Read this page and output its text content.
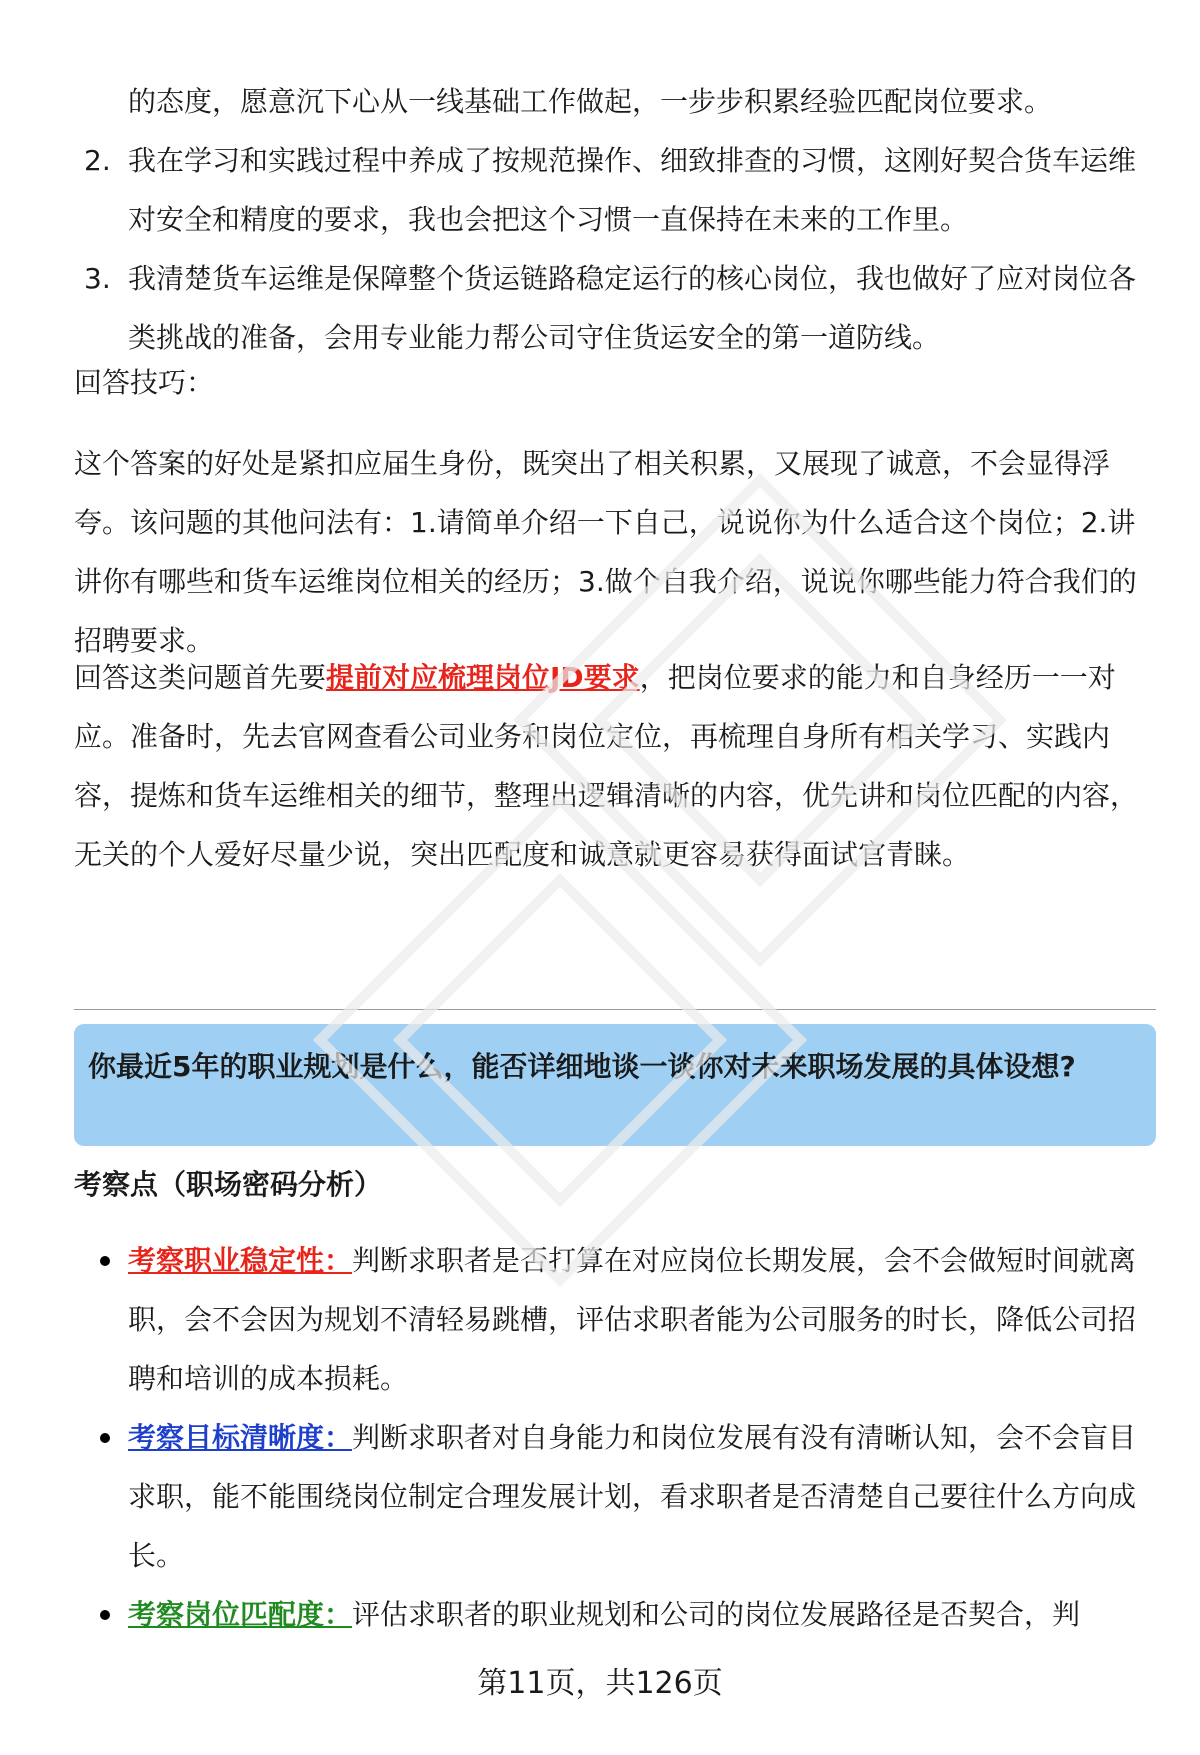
的态度，愿意沉下心从一线基础工作做起，一步步积累经验匹配岗位要求。

2. 我在学习和实践过程中养成了按规范操作、细致排查的习惯，这刚好契合货车运维对安全和精度的要求，我也会把这个习惯一直保持在未来的工作里。
3. 我清楚货车运维是保障整个货运链路稳定运行的核心岗位，我也做好了应对岗位各类挑战的准备，会用专业能力帮公司守住货运安全的第一道防线。
回答技巧：

这个答案的好处是紧扣应届生身份，既突出了相关积累，又展现了诚意，不会显得浮夸。该问题的其他问法有：1.请简单介绍一下自己，说说你为什么适合这个岗位；2.讲讲你有哪些和货车运维岗位相关的经历；3.做个自我介绍，说说你哪些能力符合我们的招聘要求。

回答这类问题首先要提前对应梳理岗位JD要求，把岗位要求的能力和自身经历一一对应。准备时，先去官网查看公司业务和岗位定位，再梳理自身所有相关学习、实践内容，提炼和货车运维相关的细节，整理出逻辑清晰的内容，优先讲和岗位匹配的内容，无关的个人爱好尽量少说，突出匹配度和诚意就更容易获得面试官青睐。

你最近5年的职业规划是什么，能否详细地谈一谈你对未来职场发展的具体设想?
考察点（职场密码分析）
考察职业稳定性：判断求职者是否打算在对应岗位长期发展，会不会做短时间就离职，会不会因为规划不清轻易跳槽，评估求职者能为公司服务的时长，降低公司招聘和培训的成本损耗。
考察目标清晰度：判断求职者对自身能力和岗位发展有没有清晰认知，会不会盲目求职，能不能围绕岗位制定合理发展计划，看求职者是否清楚自己要往什么方向成长。
考察岗位匹配度：评估求职者的职业规划和公司的岗位发展路径是否契合，判
第11页，共126页
